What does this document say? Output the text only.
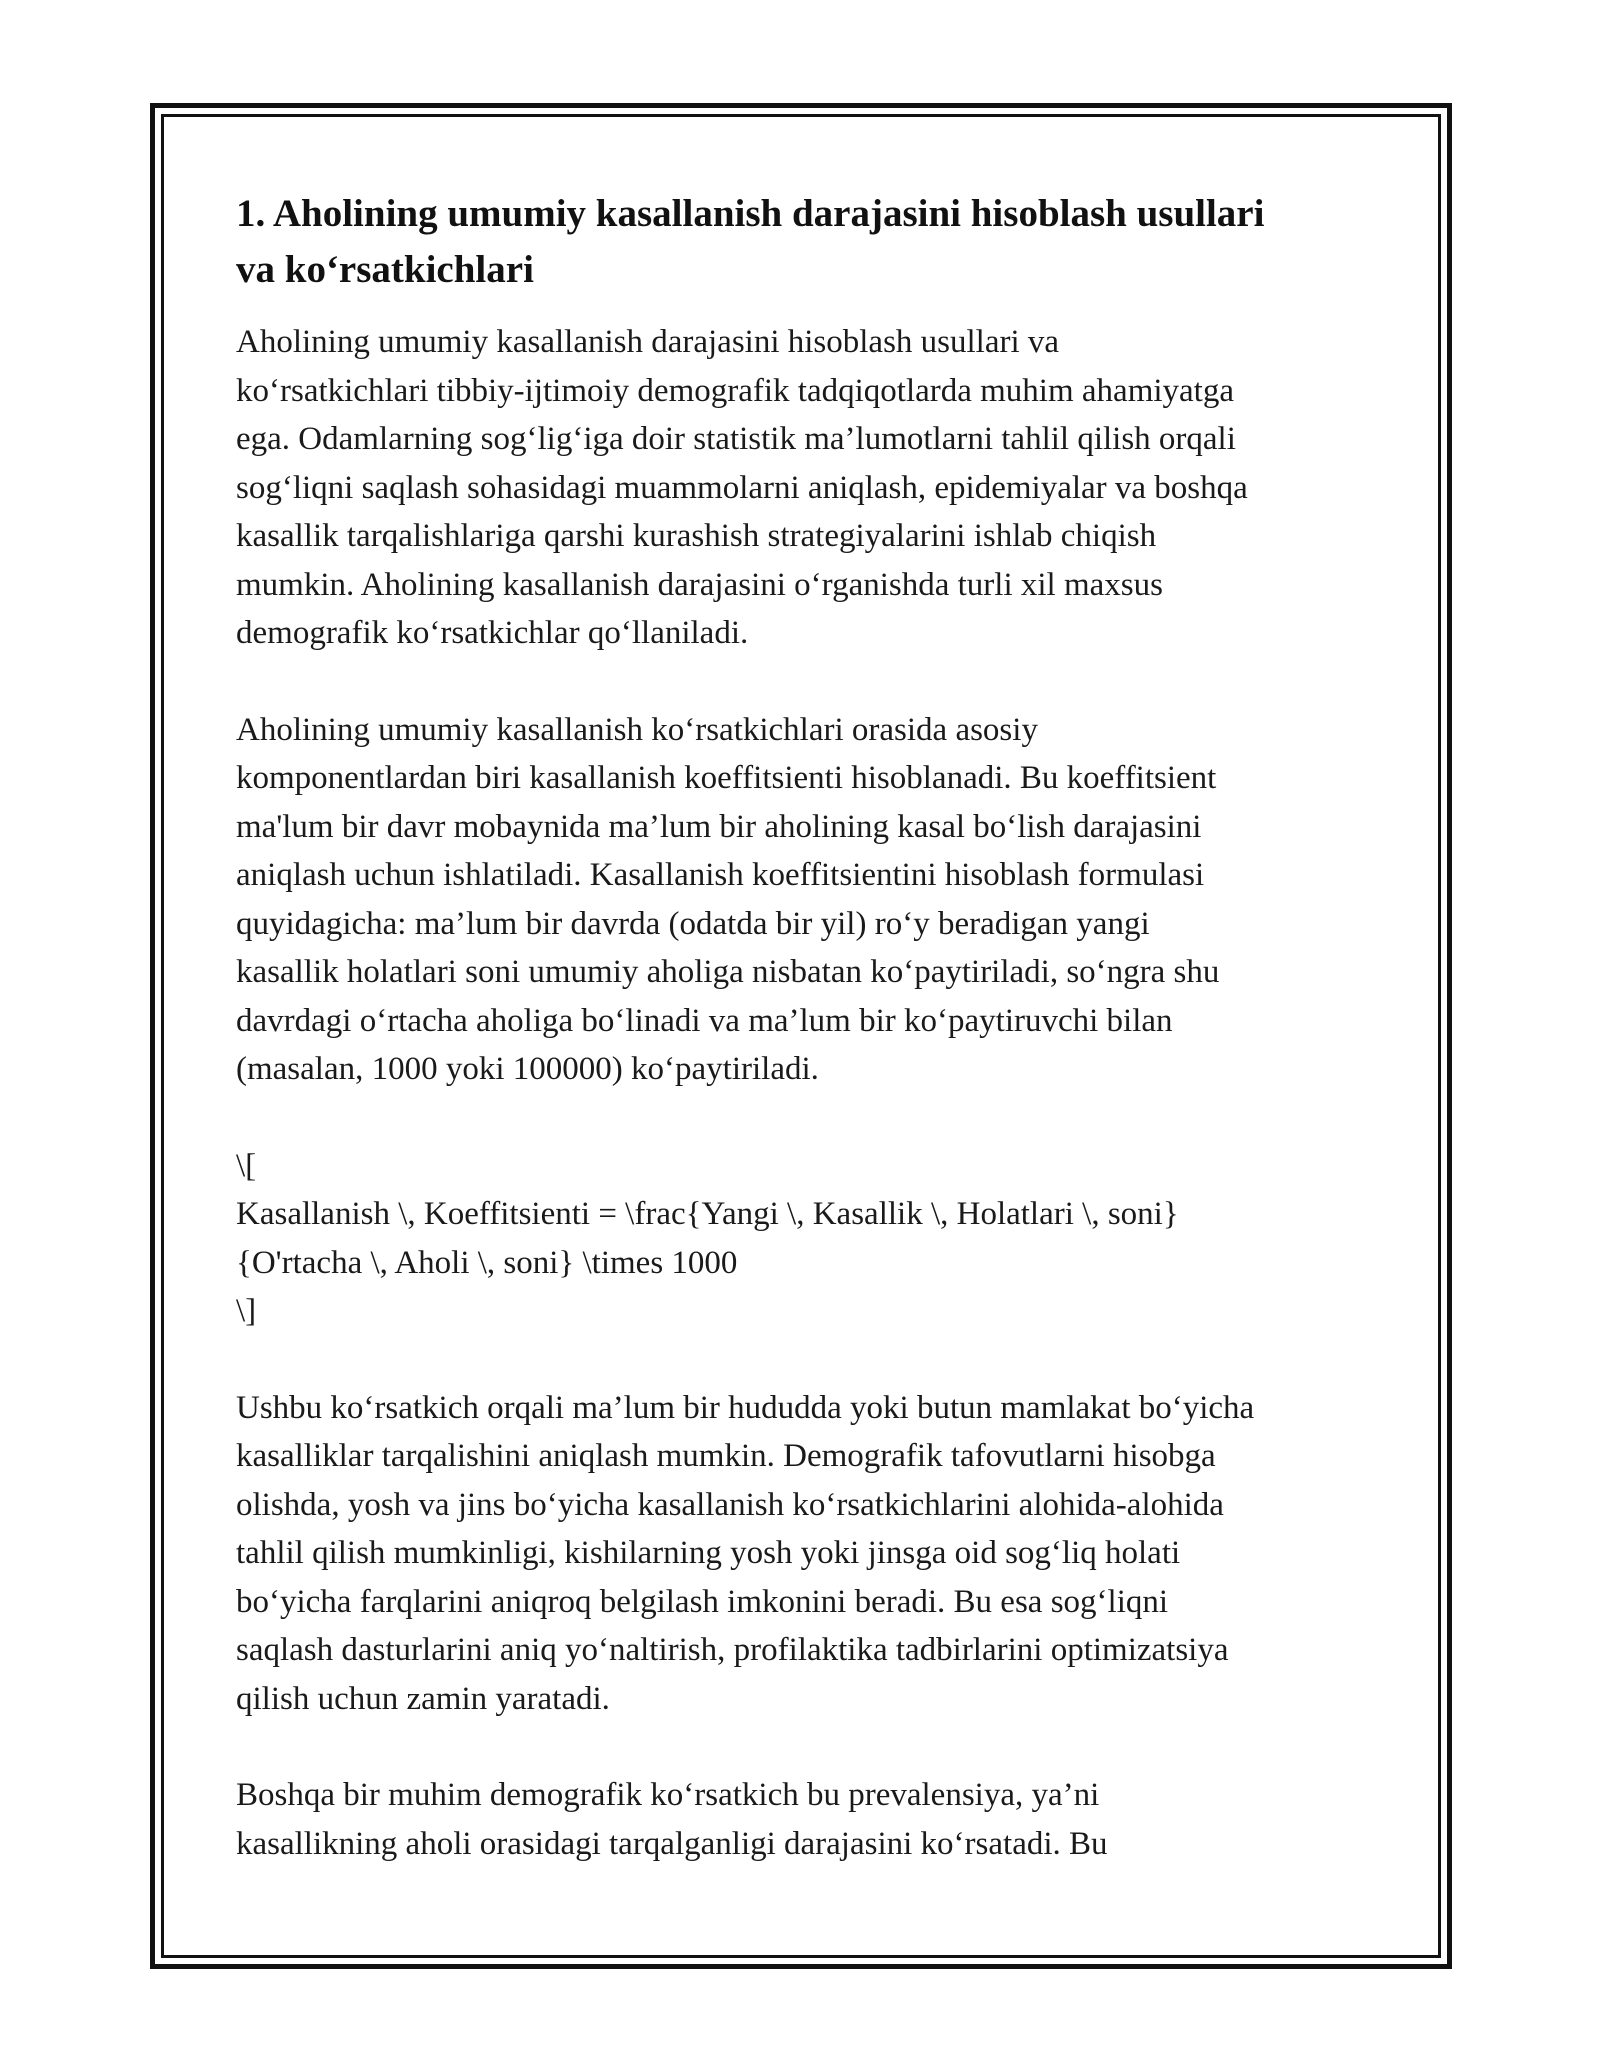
1. Aholining umumiy kasallanish darajasini hisoblash usullari
va ko‘rsatkichlari

Aholining umumiy kasallanish darajasini hisoblash usullari va
ko‘rsatkichlari tibbiy-ijtimoiy demografik tadqiqotlarda muhim ahamiyatga
ega. Odamlarning sog‘lig‘iga doir statistik ma’lumotlarni tahlil qilish orqali
sog‘liqni saqlash sohasidagi muammolarni aniqlash, epidemiyalar va boshqa
kasallik tarqalishlariga qarshi kurashish strategiyalarini ishlab chiqish
mumkin. Aholining kasallanish darajasini o‘rganishda turli xil maxsus
demografik ko‘rsatkichlar qo‘llaniladi.

Aholining umumiy kasallanish ko‘rsatkichlari orasida asosiy
komponentlardan biri kasallanish koeffitsienti hisoblanadi. Bu koeffitsient
ma'lum bir davr mobaynida ma’lum bir aholining kasal bo‘lish darajasini
aniqlash uchun ishlatiladi. Kasallanish koeffitsientini hisoblash formulasi
quyidagicha: ma’lum bir davrda (odatda bir yil) ro‘y beradigan yangi
kasallik holatlari soni umumiy aholiga nisbatan ko‘paytiriladi, so‘ngra shu
davrdagi o‘rtacha aholiga bo‘linadi va ma’lum bir ko‘paytiruvchi bilan
(masalan, 1000 yoki 100000) ko‘paytiriladi.

\[
Kasallanish \, Koeffitsienti = \frac{Yangi \, Kasallik \, Holatlari \, soni}
{O'rtacha \, Aholi \, soni} \times 1000
\]

Ushbu ko‘rsatkich orqali ma’lum bir hududda yoki butun mamlakat bo‘yicha
kasalliklar tarqalishini aniqlash mumkin. Demografik tafovutlarni hisobga
olishda, yosh va jins bo‘yicha kasallanish ko‘rsatkichlarini alohida-alohida
tahlil qilish mumkinligi, kishilarning yosh yoki jinsga oid sog‘liq holati
bo‘yicha farqlarini aniqroq belgilash imkonini beradi. Bu esa sog‘liqni
saqlash dasturlarini aniq yo‘naltirish, profilaktika tadbirlarini optimizatsiya
qilish uchun zamin yaratadi.

Boshqa bir muhim demografik ko‘rsatkich bu prevalensiya, ya’ni
kasallikning aholi orasidagi tarqalganligi darajasini ko‘rsatadi. Bu
